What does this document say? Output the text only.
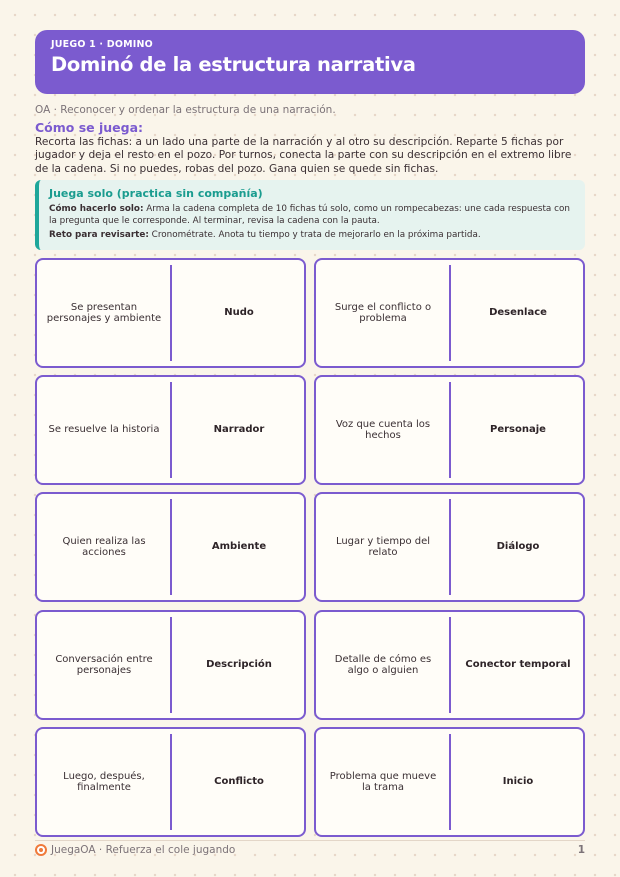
JUEGO 1 · DOMINO
Dominó de la estructura narrativa
OA · Reconocer y ordenar la estructura de una narración.
Cómo se juega:
Recorta las fichas: a un lado una parte de la narración y al otro su descripción. Reparte 5 fichas por jugador y deja el resto en el pozo. Por turnos, conecta la parte con su descripción en el extremo libre de la cadena. Si no puedes, robas del pozo. Gana quien se quede sin fichas.
Juega solo (practica sin compañía)
Cómo hacerlo solo: Arma la cadena completa de 10 fichas tú solo, como un rompecabezas: une cada respuesta con la pregunta que le corresponde. Al terminar, revisa la cadena con la pauta.
Reto para revisarte: Cronométrate. Anota tu tiempo y trata de mejorarlo en la próxima partida.
Se presentan personajes y ambiente
Nudo
Surge el conflicto o problema
Desenlace
Se resuelve la historia	Narrador
Voz que cuenta los hechos
Personaje
Quien realiza las acciones
Ambiente
Lugar y tiempo del relato
Diálogo
Conversación entre personajes
Descripción
Detalle de cómo es algo o alguien
Conector temporal
Luego, después, finalmente
Conflicto
Problema que mueve la trama
Inicio
JuegaOA · Refuerza el cole jugando	1
